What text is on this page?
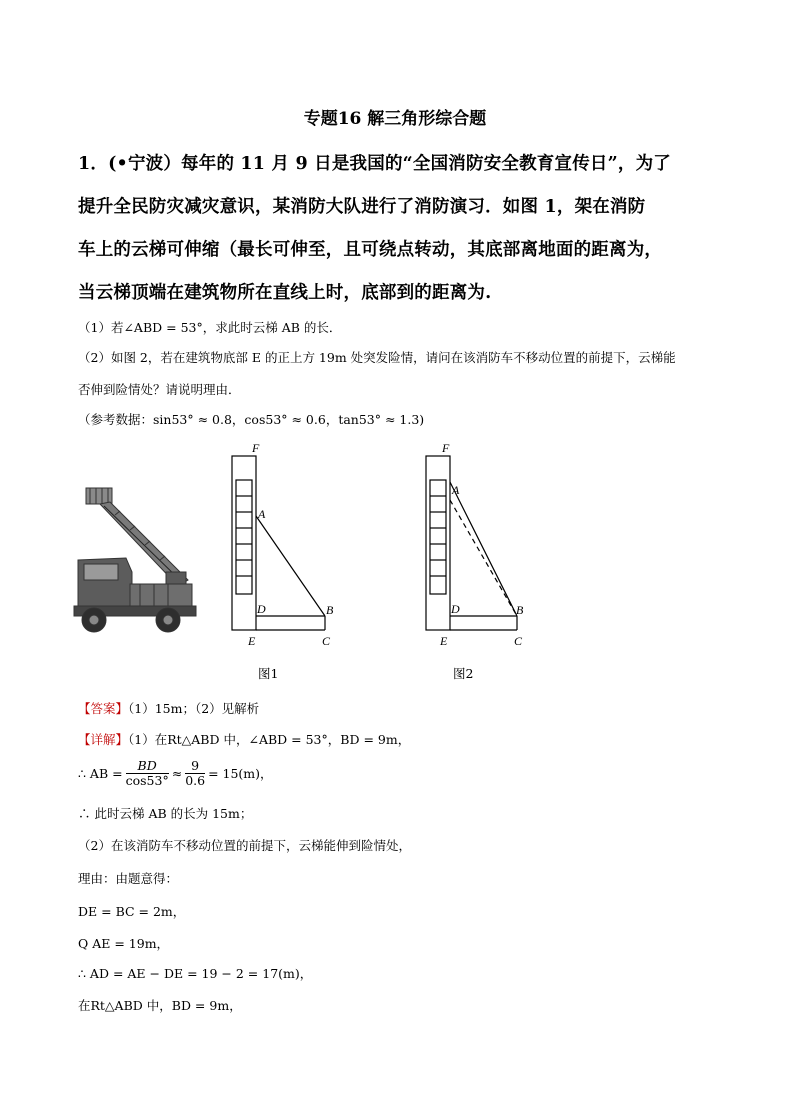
专题16 解三角形综合题
1．(•宁波）每年的 11 月 9 日是我国的“全国消防安全教育宣传日”，为了
提升全民防灾减灾意识，某消防大队进行了消防演习．如图 1，架在消防
车上的云梯可伸缩（最长可伸至，且可绕点转动，其底部离地面的距离为，
当云梯顶端在建筑物所在直线上时，底部到的距离为.
（1）若∠ABD = 53°，求此时云梯 AB 的长．
（2）如图 2，若在建筑物底部 E 的正上方 19m 处突发险情，请问在该消防车不移动位置的前提下，云梯能
否伸到险情处？请说明理由．
（参考数据：sin53° ≈ 0.8，cos53° ≈ 0.6，tan53° ≈ 1.3)
F
A
D	B
E	C
图1
F
A
D	B
E	C
图2
【答案】（1）15m；（2）见解析
【详解】（1）在Rt△ABD 中，∠ABD = 53°，BD = 9m，
∴ AB = $\frac{BD}{\cos 53^\circ} \approx \frac{9}{0.6} = 15(m)$，
∴ 此时云梯 AB 的长为 15m；
（2）在该消防车不移动位置的前提下，云梯能伸到险情处，
理由：由题意得：
DE = BC = 2m，
Q AE = 19m，
∴ AD = AE − DE = 19 − 2 = 17(m)，
在Rt△ABD 中，BD = 9m，
